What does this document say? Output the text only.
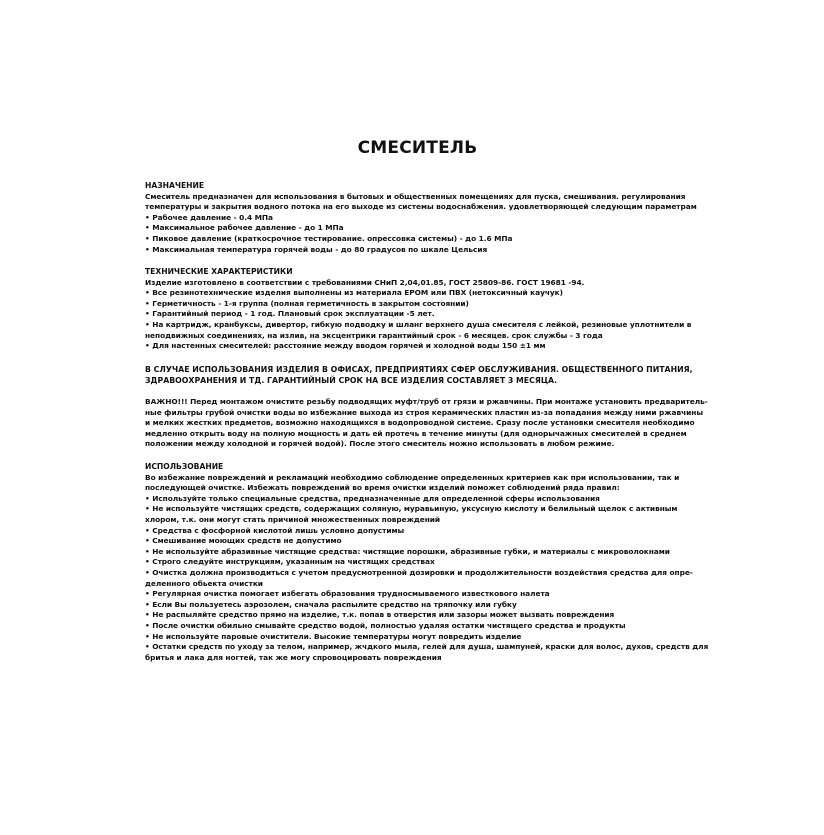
СМЕСИТЕЛЬ
НАЗНАЧЕНИЕ
Смеситель предназначен для использования в бытовых и общественных помещениях для пуска, смешивания. регулирования
температуры и закрытия водного потока на его выходе из системы водоснабжения. удовлетворяющей следующим параметрам
• Рабочее давление - 0.4 МПа
• Максимальное рабочее давление - до 1 МПа
• Пиковое давление (краткосрочное тестирование. опрессовка системы) - до 1.6 МПа
• Максимальная температура горячей воды - до 80 градусов по шкале Цельсия
ТЕХНИЧЕСКИЕ ХАРАКТЕРИСТИКИ
Изделие изготовлено в соответствии с требованиями СНиП 2,04,01.85, ГОСТ 25809-86. ГОСТ 19681 -94.
• Все резинотехнические изделия выполнены из материала EPOM или ПВХ (нетоксичный каучук)
• Герметичность - 1-я группа (полная герметичность в закрытом состоянии)
• Гарантийный период - 1 год. Плановый срок эксплуатации -5 лет.
• На картридж, кранбуксы, дивертор, гибкую подводку и шланг верхнего душа смесителя с лейкой, резиновые уплотнители в
неподвижных соединениях, на излив, на эксцентрики гарантийный срок - 6 месяцев. срок службы - 3 года
• Для настенных смесителей: расстояние между вводом горячей и холодной воды 150 ±1 мм
В СЛУЧАЕ ИСПОЛЬЗОВАНИЯ ИЗДЕЛИЯ В ОФИСАХ, ПРЕДПРИЯТИЯХ СФЕР ОБСЛУЖИВАНИЯ. ОБЩЕСТВЕННОГО ПИТАНИЯ,
ЗДРАВООХРАНЕНИЯ И ТД. ГАРАНТИЙНЫЙ СРОК НА ВСЕ ИЗДЕЛИЯ СОСТАВЛЯЕТ 3 МЕСЯЦА.
ВАЖНО!!! Перед монтажом очистите резьбу подводящих муфт/труб от грязи и ржавчины. При монтаже установить предваритель-
ные фильтры грубой очистки воды во избежание выхода из строя керамических пластин из-за попадания между ними ржавчины
и мелких жестких предметов, возможно находящихся в водопроводной системе. Сразу после установки смесителя необходимо
медленно открыть воду на полную мощность и дать ей протечь в течение минуты (для однорычажных смесителей в среднем
положении между холодной и горячей водой). После этого смеситель можно использовать в любом режиме.
ИСПОЛЬЗОВАНИЕ
Во избежание повреждений и рекламаций необходимо соблюдение определенных критериев как при использовании, так и
последующей очистке. Избежать повреждений во время очистки изделий поможет соблюдений ряда правил:
• Используйте только специальные средства, предназначенные для определенной сферы использования
• Не используйте чистящих средств, содержащих соляную, муравьиную, уксусную кислоту и белильный щелок с активным
хлором, т.к. они могут стать причиной множественных повреждений
• Средства с фосфорной кислотой лишь условно допустимы
• Смешивание моющих средств не допустимо
• Не используйте абразивные чистящие средства: чистящие порошки, абразивные губки, и материалы с микроволокнами
• Строго следуйте инструкциям, указанным на чистящих средствах
• Очистка должна производиться с учетом предусмотренной дозировки и продолжительности воздействия средства для опре-
деленного обьекта очистки
• Регулярная очистка помогает избегать образования трудносмываемого известкового налета
• Если Вы пользуетесь аэрозолем, сначала распылите средство на тряпочку или губку
• Не распыляйте средство прямо на изделие, т.к. попав в отверстия или зазоры может вызвать повреждения
• После очистки обильно смывайте средство водой, полностью удаляя остатки чистящего средства и продукты
• Не используйте паровые очистители. Высокие температуры могут повредить изделие
• Остатки средств по уходу за телом, например, жчдкого мыла, гелей для душа, шампуней, краски для волос, духов, средств для
бритья и лака для ногтей, так же могу спровоцировать повреждения
